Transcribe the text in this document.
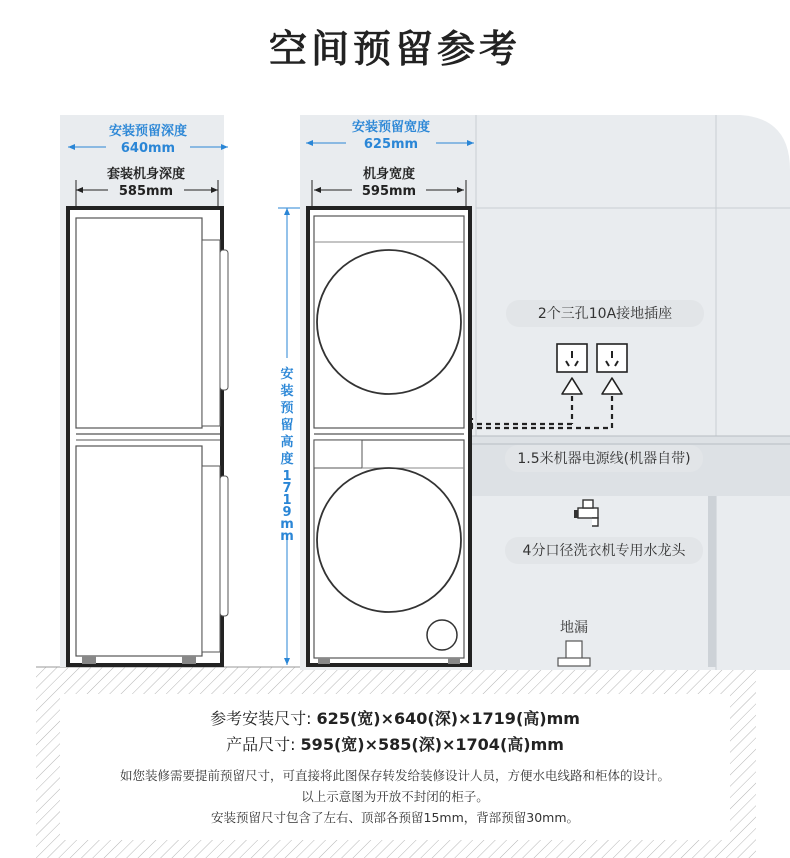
空间预留参考
安装预留深度
640mm
套装机身深度
585mm
安装预留宽度
625mm
机身宽度
595mm
安
装
预
留
高
度
1
7
1
9
m
m
2个三孔10A接地插座
1.5米机器电源线(机器自带)
4分口径洗衣机专用水龙头
地漏
参考安装尺寸: 625(宽)×640(深)×1719(高)mm
产品尺寸: 595(宽)×585(深)×1704(高)mm
如您装修需要提前预留尺寸，可直接将此图保存转发给装修设计人员，方便水电线路和柜体的设计。
以上示意图为开放不封闭的柜子。
安装预留尺寸包含了左右、顶部各预留15mm，背部预留30mm。
